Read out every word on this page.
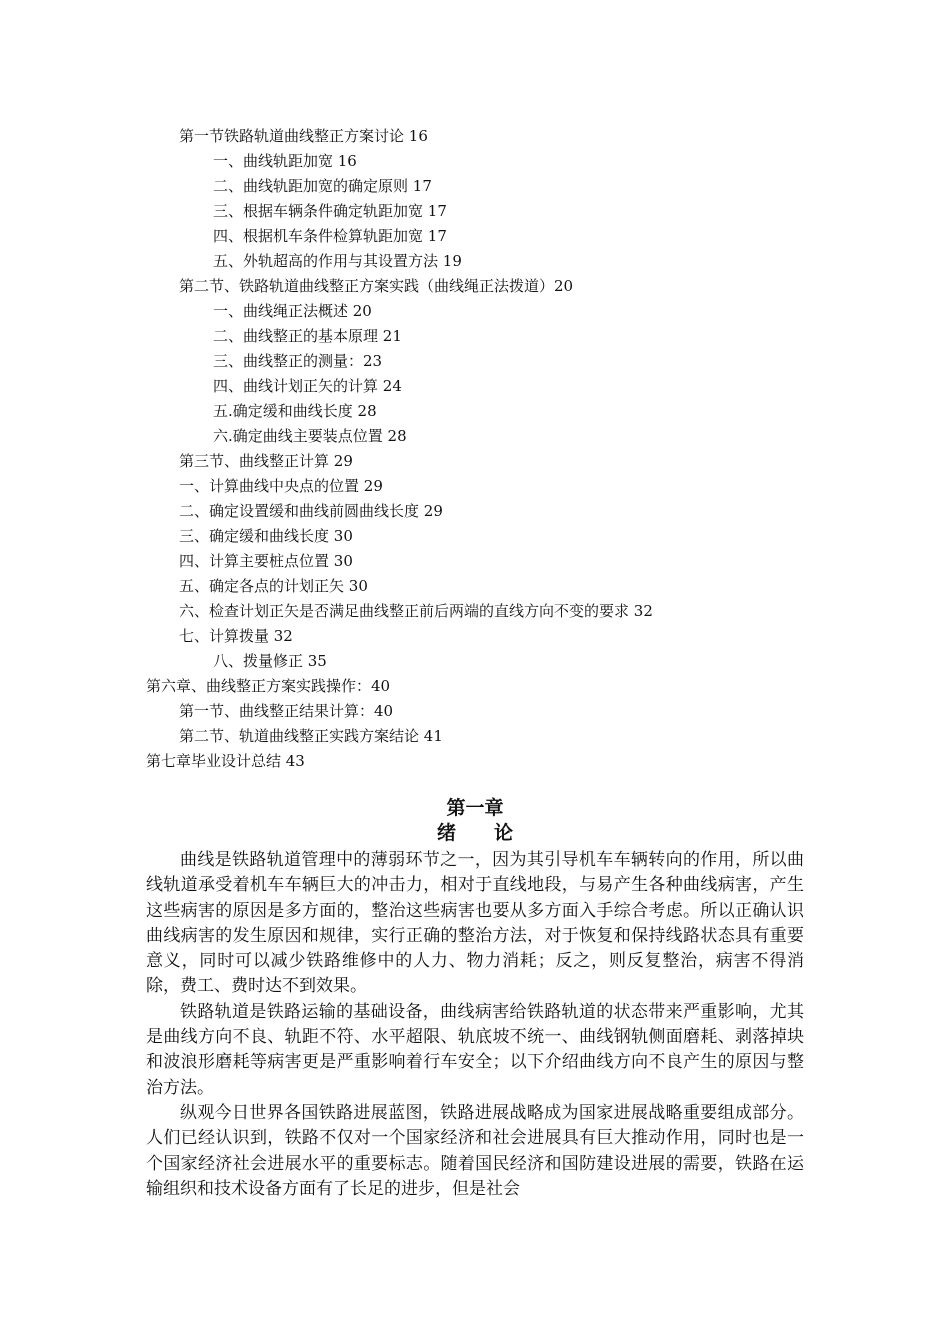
第一节铁路轨道曲线整正方案讨论 16
一、曲线轨距加宽 16
二、曲线轨距加宽的确定原则 17
三、根据车辆条件确定轨距加宽 17
四、根据机车条件检算轨距加宽 17
五、外轨超高的作用与其设置方法 19
第二节、铁路轨道曲线整正方案实践（曲线绳正法拨道）20
一、曲线绳正法概述 20
二、曲线整正的基本原理 21
三、曲线整正的测量：23
四、曲线计划正矢的计算 24
五.确定缓和曲线长度 28
六.确定曲线主要装点位置 28
第三节、曲线整正计算 29
一、计算曲线中央点的位置 29
二、确定设置缓和曲线前圆曲线长度 29
三、确定缓和曲线长度 30
四、计算主要桩点位置 30
五、确定各点的计划正矢 30
六、检查计划正矢是否满足曲线整正前后两端的直线方向不变的要求 32
七、计算拨量 32
八、拨量修正 35
第六章、曲线整正方案实践操作：40
第一节、曲线整正结果计算：40
第二节、轨道曲线整正实践方案结论 41
第七章毕业设计总结 43
第一章
绪　　论

曲线是铁路轨道管理中的薄弱环节之一，因为其引导机车车辆转向的作用，所以曲线轨道承受着机车车辆巨大的冲击力，相对于直线地段，与易产生各种曲线病害，产生这些病害的原因是多方面的，整治这些病害也要从多方面入手综合考虑。所以正确认识曲线病害的发生原因和规律，实行正确的整治方法，对于恢复和保持线路状态具有重要意义，同时可以减少铁路维修中的人力、物力消耗；反之，则反复整治，病害不得消除，费工、费时达不到效果。

铁路轨道是铁路运输的基础设备，曲线病害给铁路轨道的状态带来严重影响，尤其是曲线方向不良、轨距不符、水平超限、轨底坡不统一、曲线钢轨侧面磨耗、剥落掉块和波浪形磨耗等病害更是严重影响着行车安全；以下介绍曲线方向不良产生的原因与整治方法。

纵观今日世界各国铁路进展蓝图，铁路进展战略成为国家进展战略重要组成部分。人们已经认识到，铁路不仅对一个国家经济和社会进展具有巨大推动作用，同时也是一个国家经济社会进展水平的重要标志。随着国民经济和国防建设进展的需要，铁路在运输组织和技术设备方面有了长足的进步，但是社会
